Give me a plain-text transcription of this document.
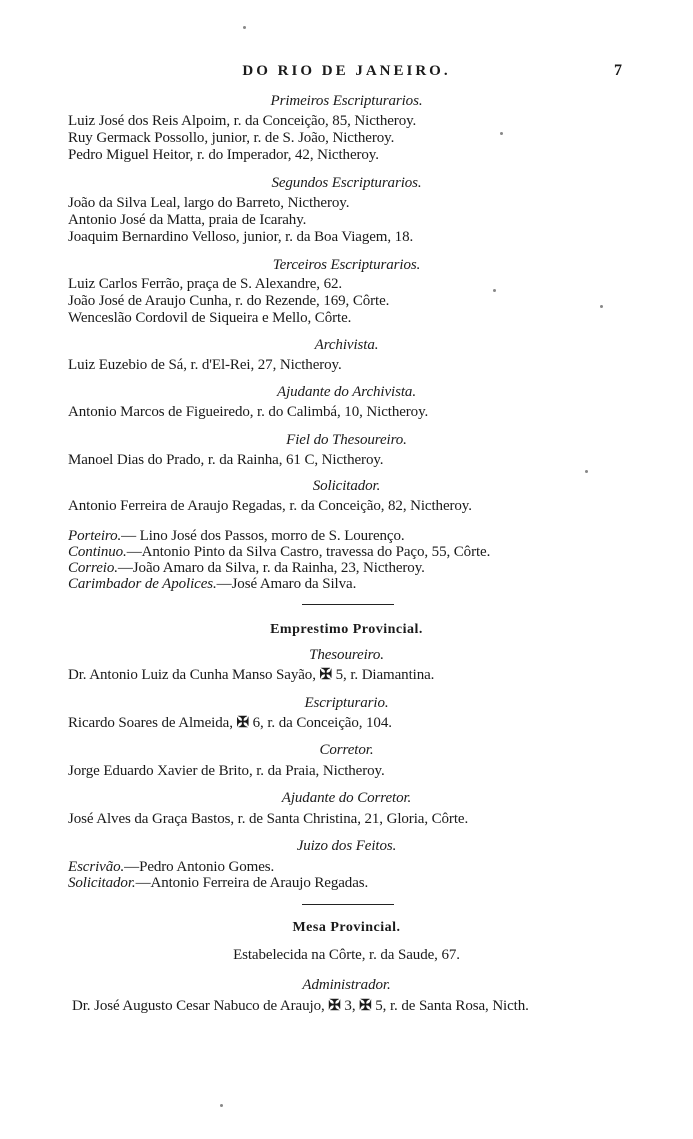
DO RIO DE JANEIRO.	7
Primeiros Escripturarios.
Luiz José dos Reis Alpoim, r. da Conceição, 85, Nictheroy.
Ruy Germack Possollo, junior, r. de S. João, Nictheroy.
Pedro Miguel Heitor, r. do Imperador, 42, Nictheroy.
Segundos Escripturarios.
João da Silva Leal, largo do Barreto, Nictheroy.
Antonio José da Matta, praia de Icarahy.
Joaquim Bernardino Velloso, junior, r. da Boa Viagem, 18.
Terceiros Escripturarios.
Luiz Carlos Ferrão, praça de S. Alexandre, 62.
João José de Araujo Cunha, r. do Rezende, 169, Côrte.
Wenceslão Cordovil de Siqueira e Mello, Côrte.
Archivista.
Luiz Euzebio de Sá, r. d'El-Rei, 27, Nictheroy.
Ajudante do Archivista.
Antonio Marcos de Figueiredo, r. do Calimbá, 10, Nictheroy.
Fiel do Thesoureiro.
Manoel Dias do Prado, r. da Rainha, 61 C, Nictheroy.
Solicitador.
Antonio Ferreira de Araujo Regadas, r. da Conceição, 82, Nictheroy.
Porteiro.— Lino José dos Passos, morro de S. Lourenço.
Continuo.—Antonio Pinto da Silva Castro, travessa do Paço, 55, Côrte.
Correio.—João Amaro da Silva, r. da Rainha, 23, Nictheroy.
Carimbador de Apolices.—José Amaro da Silva.
Emprestimo Provincial.
Thesoureiro.
Dr. Antonio Luiz da Cunha Manso Sayão, ✠ 5, r. Diamantina.
Escripturario.
Ricardo Soares de Almeida, ✠ 6, r. da Conceição, 104.
Corretor.
Jorge Eduardo Xavier de Brito, r. da Praia, Nictheroy.
Ajudante do Corretor.
José Alves da Graça Bastos, r. de Santa Christina, 21, Gloria, Côrte.
Juizo dos Feitos.
Escrivão.—Pedro Antonio Gomes.
Solicitador.—Antonio Ferreira de Araujo Regadas.
Mesa Provincial.
Estabelecida na Côrte, r. da Saude, 67.
Administrador.
Dr. José Augusto Cesar Nabuco de Araujo, ✠ 3, ✠ 5, r. de Santa Rosa, Nicth.
